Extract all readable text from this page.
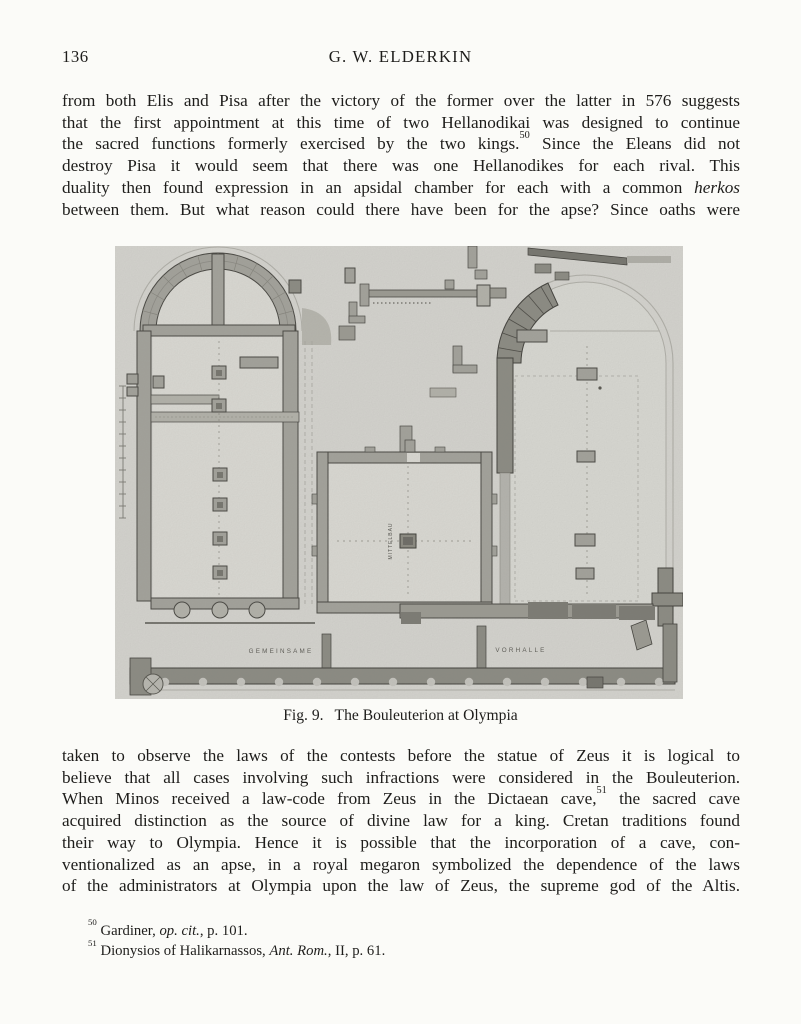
136	G. W. ELDERKIN
from both Elis and Pisa after the victory of the former over the latter in 576 suggests
that the first appointment at this time of two Hellanodikai was designed to continue
the sacred functions formerly exercised by the two kings.$^{50}$ Since the Eleans did not
destroy Pisa it would seem that there was one Hellanodikes for each rival. This
duality then found expression in an apsidal chamber for each with a common herkos
between them. But what reason could there have been for the apse? Since oaths were
MITTELBAU
GEMEINSAME	VORHALLE
Fig. 9. The Bouleuterion at Olympia
taken to observe the laws of the contests before the statue of Zeus it is logical to
believe that all cases involving such infractions were considered in the Bouleuterion.
When Minos received a law-code from Zeus in the Dictaean cave,$^{51}$ the sacred cave
acquired distinction as the source of divine law for a king. Cretan traditions found
their way to Olympia. Hence it is possible that the incorporation of a cave, con-
ventionalized as an apse, in a royal megaron symbolized the dependence of the laws
of the administrators at Olympia upon the law of Zeus, the supreme god of the Altis.
$^{50}$ Gardiner, op. cit., p. 101.
$^{51}$ Dionysios of Halikarnassos, Ant. Rom., II, p. 61.
